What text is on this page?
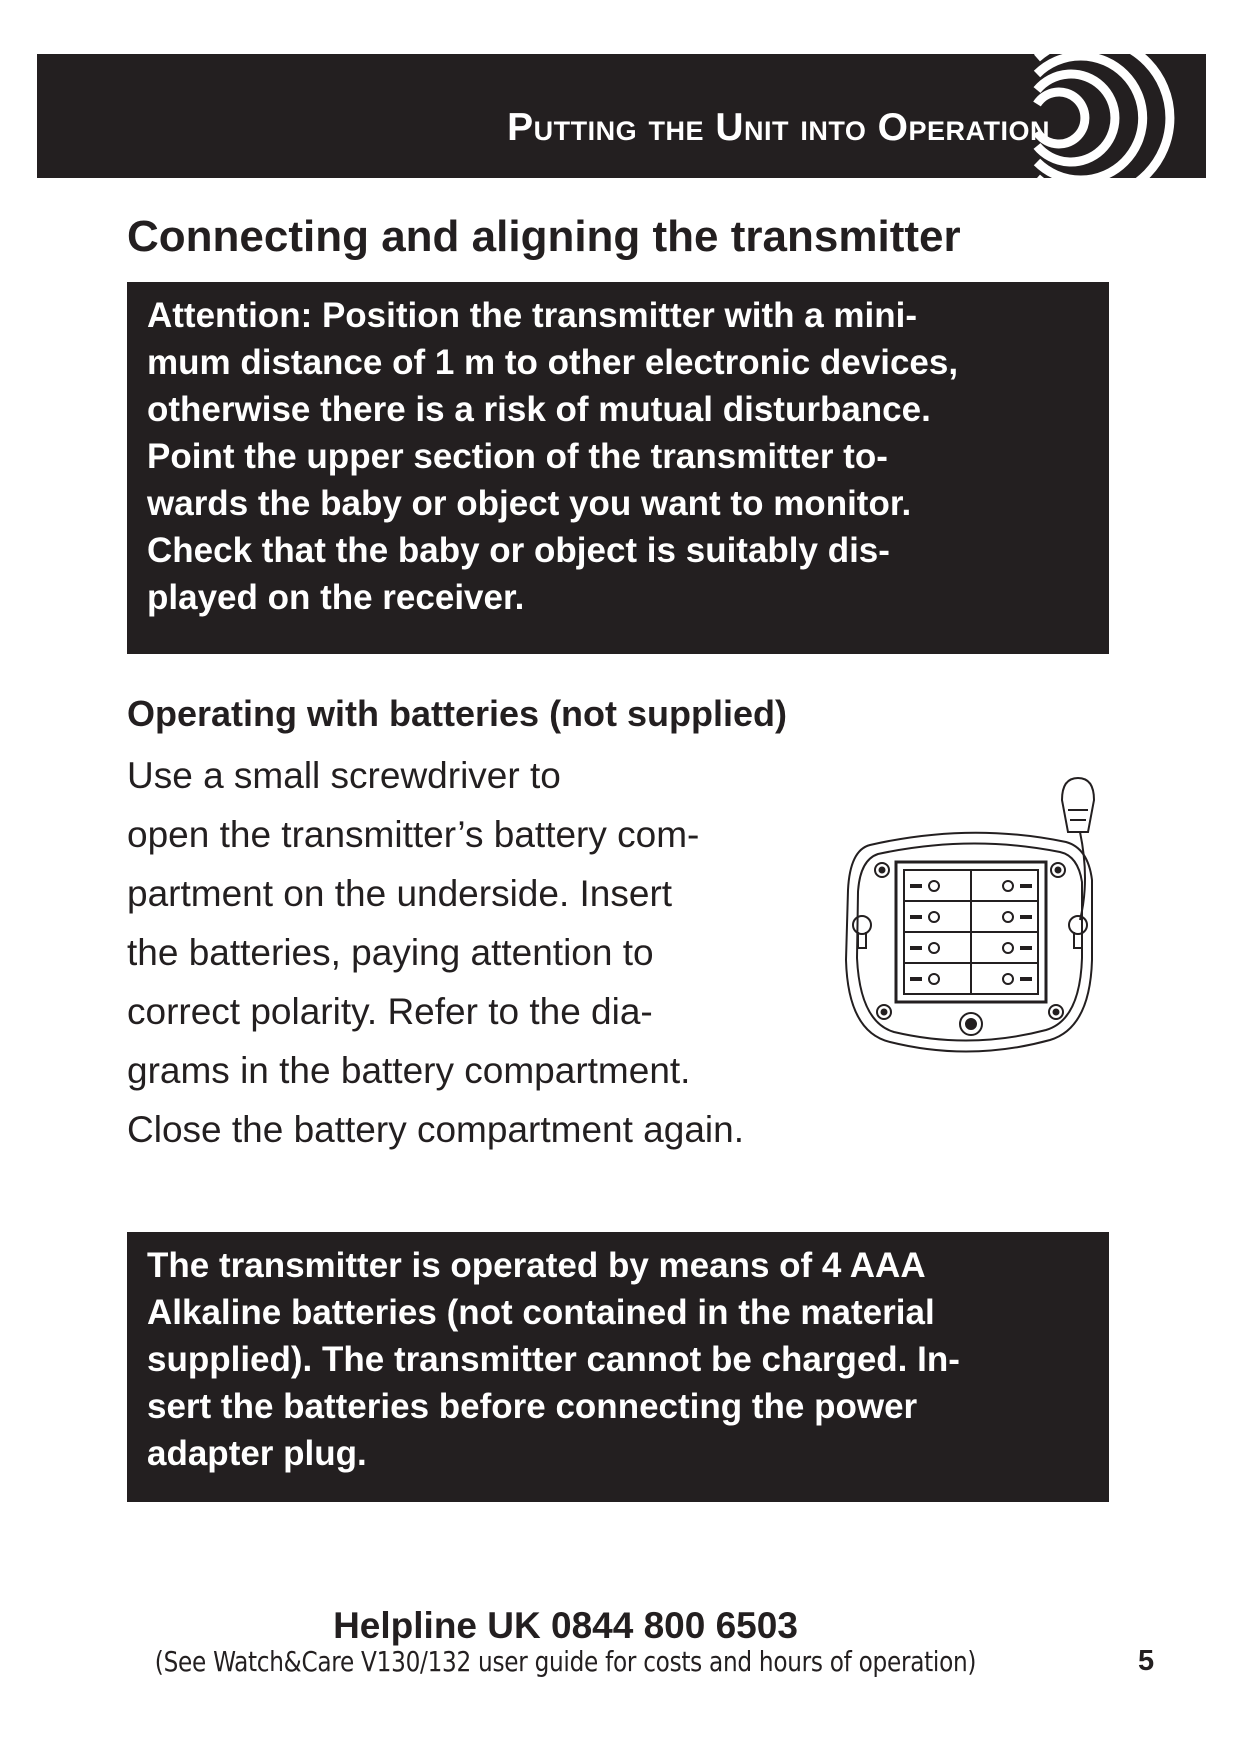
Putting the Unit into Operation
Connecting and aligning the transmitter
Attention: Position the transmitter with a mini-
mum distance of 1 m to other electronic devices,
otherwise there is a risk of mutual disturbance.
Point the upper section of the transmitter to-
wards the baby or object you want to monitor.
Check that the baby or object is suitably dis-
played on the receiver.
Operating with batteries (not supplied)
Use a small screwdriver to
open the transmitter’s battery com-
partment on the underside. Insert
the batteries, paying attention to
correct polarity. Refer to the dia-
grams in the battery compartment.
Close the battery compartment again.
The transmitter is operated by means of 4 AAA
Alkaline batteries (not contained in the material
supplied). The transmitter cannot be charged. In-
sert the batteries before connecting the power
adapter plug.
Helpline UK 0844 800 6503
(See Watch&Care V130/132 user guide for costs and hours of operation)	5
